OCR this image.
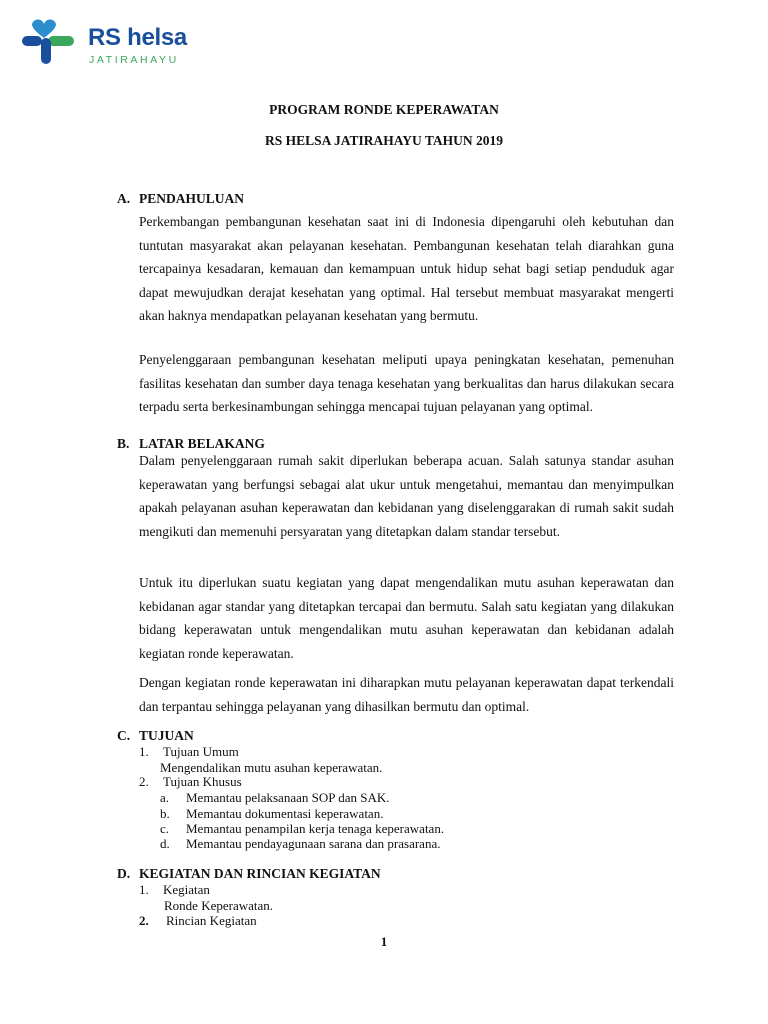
RS helsa
JATIRAHAYU
PROGRAM RONDE KEPERAWATAN
RS HELSA JATIRAHAYU TAHUN 2019
A. PENDAHULUAN
Perkembangan pembangunan kesehatan saat ini di Indonesia dipengaruhi oleh kebutuhan dan tuntutan masyarakat akan pelayanan kesehatan. Pembangunan kesehatan telah diarahkan guna tercapainya kesadaran, kemauan dan kemampuan untuk hidup sehat bagi setiap penduduk agar dapat mewujudkan derajat kesehatan yang optimal. Hal tersebut membuat masyarakat mengerti akan haknya mendapatkan pelayanan kesehatan yang bermutu.
Penyelenggaraan pembangunan kesehatan meliputi upaya peningkatan kesehatan, pemenuhan fasilitas kesehatan dan sumber daya tenaga kesehatan yang berkualitas dan harus dilakukan secara terpadu serta berkesinambungan sehingga mencapai tujuan pelayanan yang optimal.
B. LATAR BELAKANG
Dalam penyelenggaraan rumah sakit diperlukan beberapa acuan. Salah satunya standar asuhan keperawatan yang berfungsi sebagai alat ukur untuk mengetahui, memantau dan menyimpulkan apakah pelayanan asuhan keperawatan dan kebidanan yang diselenggarakan di rumah sakit sudah mengikuti dan memenuhi persyaratan yang ditetapkan dalam standar tersebut.
Untuk itu diperlukan suatu kegiatan yang dapat mengendalikan mutu asuhan keperawatan dan kebidanan agar standar yang ditetapkan tercapai dan bermutu. Salah satu kegiatan yang dilakukan bidang keperawatan untuk mengendalikan mutu asuhan keperawatan dan kebidanan adalah kegiatan ronde keperawatan.
Dengan kegiatan ronde keperawatan ini diharapkan mutu pelayanan keperawatan dapat terkendali dan terpantau sehingga pelayanan yang dihasilkan bermutu dan optimal.
C. TUJUAN
1. Tujuan Umum
Mengendalikan mutu asuhan keperawatan.
2. Tujuan Khusus
a. Memantau pelaksanaan SOP dan SAK.
b. Memantau dokumentasi keperawatan.
c. Memantau penampilan kerja tenaga keperawatan.
d. Memantau pendayagunaan sarana dan prasarana.
D. KEGIATAN DAN RINCIAN KEGIATAN
1. Kegiatan
Ronde Keperawatan.
2. Rincian Kegiatan
1
